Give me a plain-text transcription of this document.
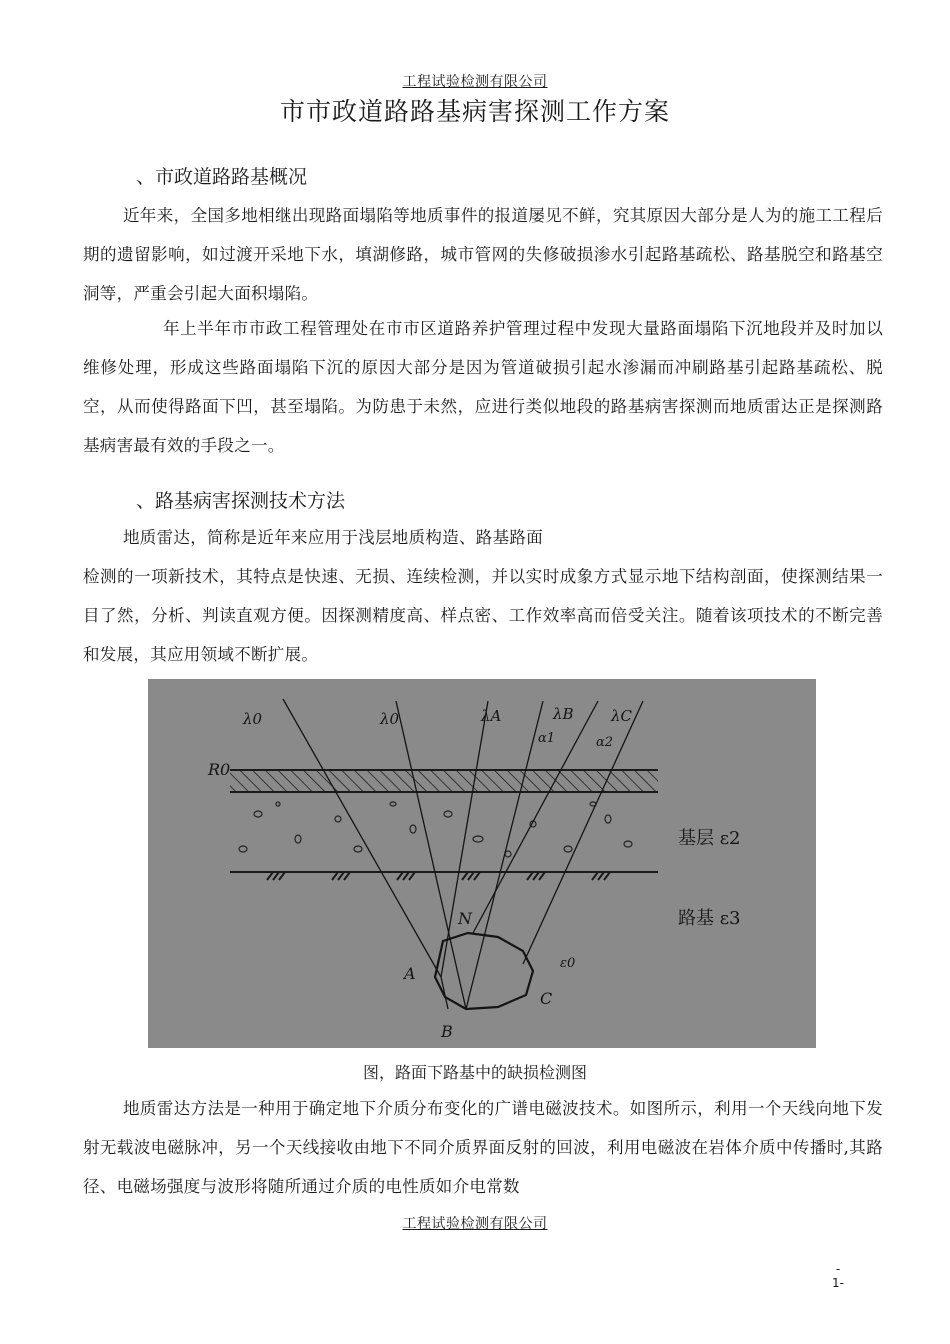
工程试验检测有限公司
市市政道路路基病害探测工作方案
、市政道路路基概况

近年来，全国多地相继出现路面塌陷等地质事件的报道屡见不鲜，究其原因大部分是人为的施工工程后期的遗留影响，如过渡开采地下水，填湖修路，城市管网的失修破损渗水引起路基疏松、路基脱空和路基空洞等，严重会引起大面积塌陷。

年上半年市市政工程管理处在市市区道路养护管理过程中发现大量路面塌陷下沉地段并及时加以维修处理，形成这些路面塌陷下沉的原因大部分是因为管道破损引起水渗漏而冲刷路基引起路基疏松、脱空，从而使得路面下凹，甚至塌陷。为防患于未然，应进行类似地段的路基病害探测而地质雷达正是探测路基病害最有效的手段之一。

、路基病害探测技术方法

地质雷达，简称是近年来应用于浅层地质构造、路基路面

检测的一项新技术，其特点是快速、无损、连续检测，并以实时成象方式显示地下结构剖面，使探测结果一目了然，分析、判读直观方便。因探测精度高、样点密、工作效率高而倍受关注。随着该项技术的不断完善和发展，其应用领域不断扩展。

λ0	λ0	λA	λB λC
α1	α2
R0
基层 ε2
路基 ε3
N
A
B
C
ε0
图，路面下路基中的缺损检测图

地质雷达方法是一种用于确定地下介质分布变化的广谱电磁波技术。如图所示，利用一个天线向地下发射无载波电磁脉冲，另一个天线接收由地下不同介质界面反射的回波，利用电磁波在岩体介质中传播时,其路径、电磁场强度与波形将随所通过介质的电性质如介电常数

工程试验检测有限公司
-
1-
